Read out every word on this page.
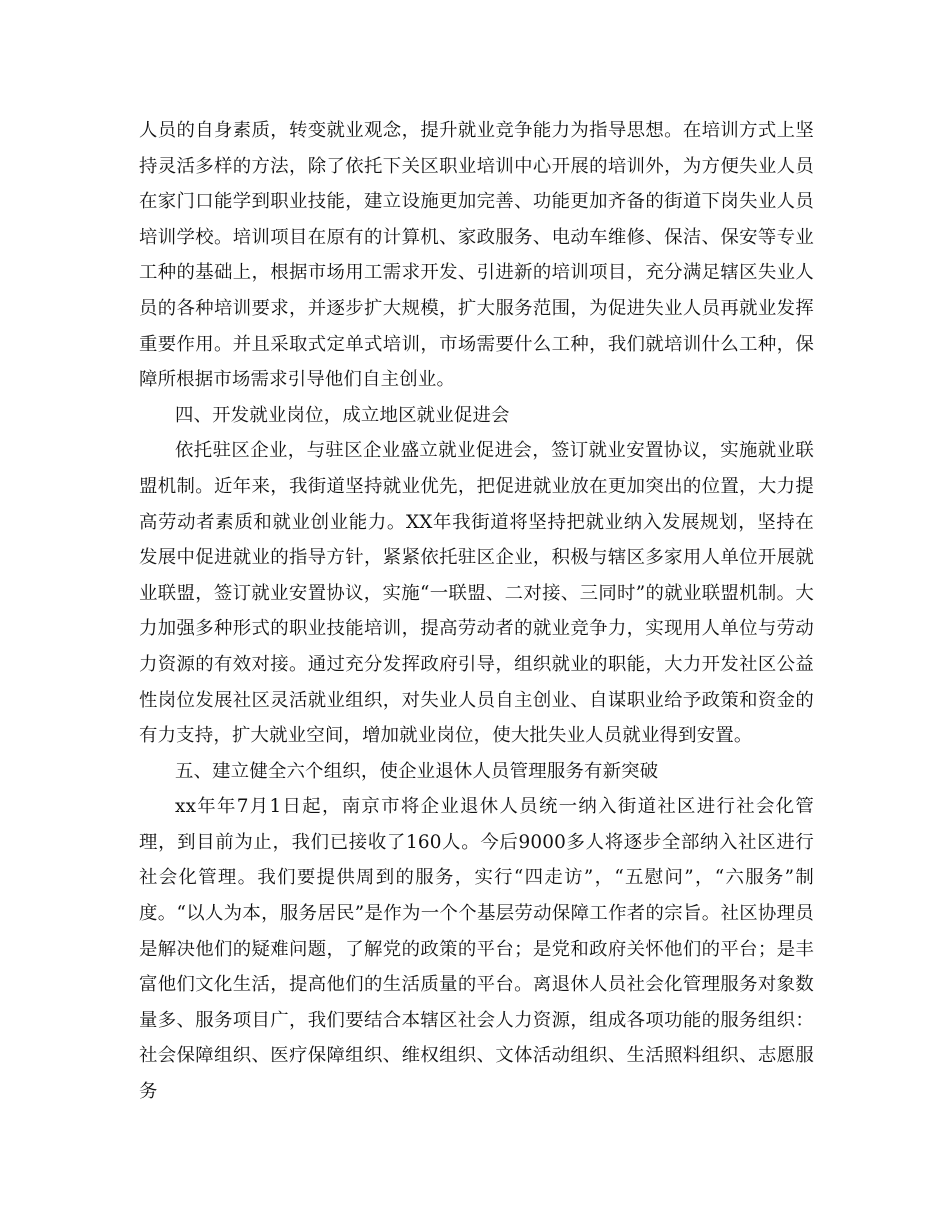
人员的自身素质，转变就业观念，提升就业竞争能力为指导思想。在培训方式上坚持灵活多样的方法，除了依托下关区职业培训中心开展的培训外，为方便失业人员在家门口能学到职业技能，建立设施更加完善、功能更加齐备的街道下岗失业人员培训学校。培训项目在原有的计算机、家政服务、电动车维修、保洁、保安等专业工种的基础上，根据市场用工需求开发、引进新的培训项目，充分满足辖区失业人员的各种培训要求，并逐步扩大规模，扩大服务范围，为促进失业人员再就业发挥重要作用。并且采取式定单式培训，市场需要什么工种，我们就培训什么工种，保障所根据市场需求引导他们自主创业。

四、开发就业岗位，成立地区就业促进会

依托驻区企业，与驻区企业盛立就业促进会，签订就业安置协议，实施就业联盟机制。近年来，我街道坚持就业优先，把促进就业放在更加突出的位置，大力提高劳动者素质和就业创业能力。XX年我街道将坚持把就业纳入发展规划，坚持在发展中促进就业的指导方针，紧紧依托驻区企业，积极与辖区多家用人单位开展就业联盟，签订就业安置协议，实施“一联盟、二对接、三同时”的就业联盟机制。大力加强多种形式的职业技能培训，提高劳动者的就业竞争力，实现用人单位与劳动力资源的有效对接。通过充分发挥政府引导，组织就业的职能，大力开发社区公益性岗位发展社区灵活就业组织，对失业人员自主创业、自谋职业给予政策和资金的有力支持，扩大就业空间，增加就业岗位，使大批失业人员就业得到安置。

五、建立健全六个组织，使企业退休人员管理服务有新突破

xx年年7月1日起，南京市将企业退休人员统一纳入街道社区进行社会化管理，到目前为止，我们已接收了160人。今后9000多人将逐步全部纳入社区进行社会化管理。我们要提供周到的服务，实行“四走访”，“五慰问”，“六服务”制度。“以人为本，服务居民”是作为一个个基层劳动保障工作者的宗旨。社区协理员是解决他们的疑难问题，了解党的政策的平台；是党和政府关怀他们的平台；是丰富他们文化生活，提高他们的生活质量的平台。离退休人员社会化管理服务对象数量多、服务项目广，我们要结合本辖区社会人力资源，组成各项功能的服务组织：社会保障组织、医疗保障组织、维权组织、文体活动组织、生活照料组织、志愿服务
